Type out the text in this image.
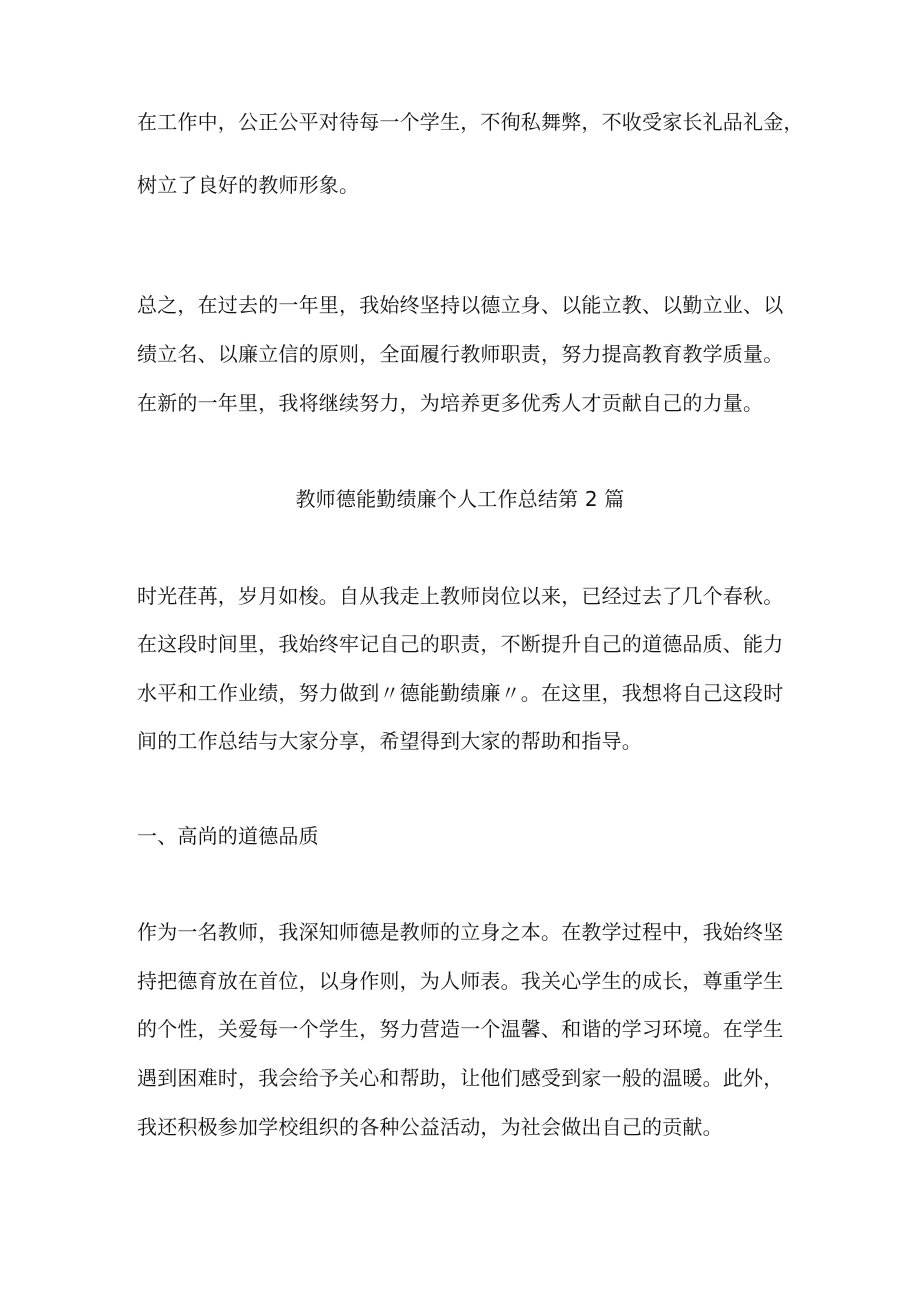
在工作中，公正公平对待每一个学生，不徇私舞弊，不收受家长礼品礼金，
树立了良好的教师形象。
总之，在过去的一年里，我始终坚持以德立身、以能立教、以勤立业、以
绩立名、以廉立信的原则，全面履行教师职责，努力提高教育教学质量。
在新的一年里，我将继续努力，为培养更多优秀人才贡献自己的力量。
教师德能勤绩廉个人工作总结第 2 篇
时光荏苒，岁月如梭。自从我走上教师岗位以来，已经过去了几个春秋。
在这段时间里，我始终牢记自己的职责，不断提升自己的道德品质、能力
水平和工作业绩，努力做到〃德能勤绩廉〃。在这里，我想将自己这段时
间的工作总结与大家分享，希望得到大家的帮助和指导。
一、高尚的道德品质
作为一名教师，我深知师德是教师的立身之本。在教学过程中，我始终坚
持把德育放在首位，以身作则，为人师表。我关心学生的成长，尊重学生
的个性，关爱每一个学生，努力营造一个温馨、和谐的学习环境。在学生
遇到困难时，我会给予关心和帮助，让他们感受到家一般的温暖。此外，
我还积极参加学校组织的各种公益活动，为社会做出自己的贡献。
